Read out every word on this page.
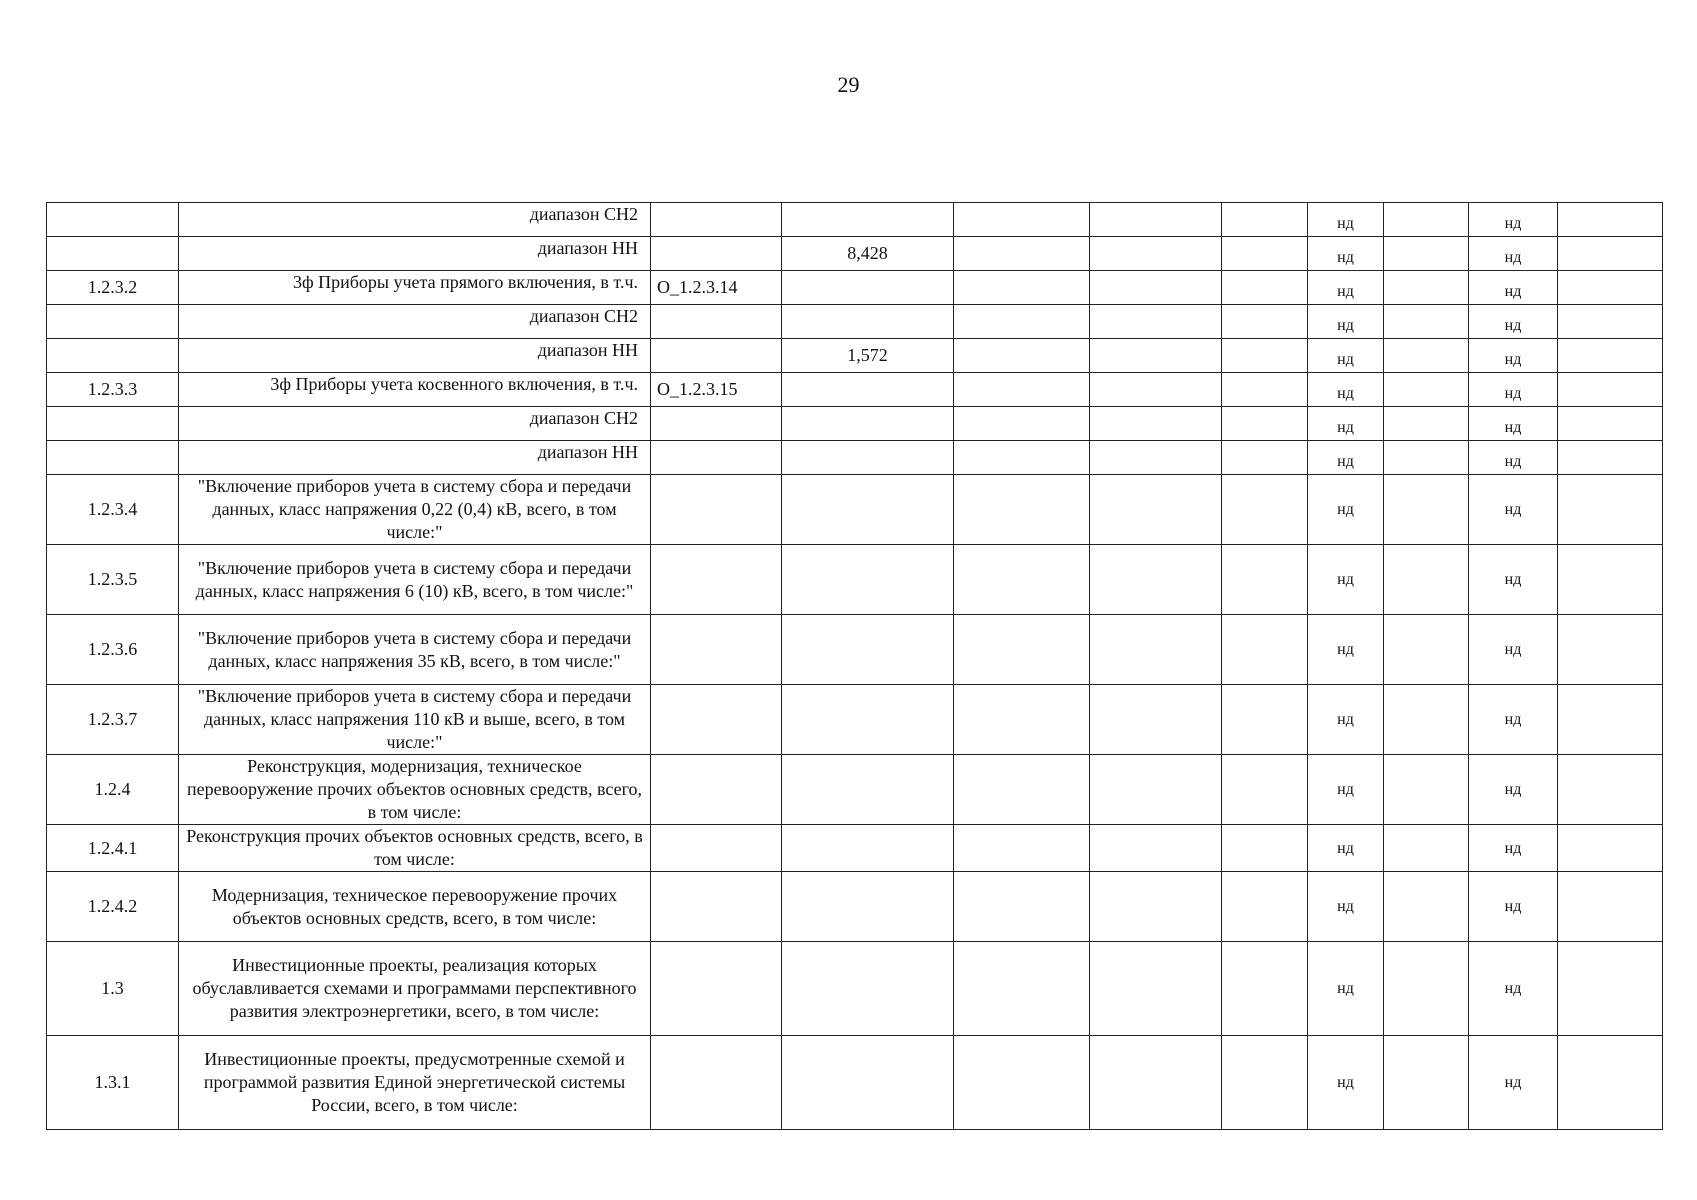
29
	диапазон СН2						нд		нд	
	диапазон НН		8,428				нд		нд	
1.2.3.2	3ф Приборы учета прямого включения, в т.ч.	O_1.2.3.14					нд		нд	
	диапазон СН2						нд		нд	
	диапазон НН		1,572				нд		нд	
1.2.3.3	3ф Приборы учета косвенного включения, в т.ч.	O_1.2.3.15					нд		нд	
	диапазон СН2						нд		нд	
	диапазон НН						нд		нд	
1.2.3.4	"Включение приборов учета в систему сбора и передачи данных, класс напряжения 0,22 (0,4) кВ, всего, в том числе:"						нд		нд	
1.2.3.5	"Включение приборов учета в систему сбора и передачи данных, класс напряжения 6 (10) кВ, всего, в том числе:"						нд		нд	
1.2.3.6	"Включение приборов учета в систему сбора и передачи данных, класс напряжения 35 кВ, всего, в том числе:"						нд		нд	
1.2.3.7	"Включение приборов учета в систему сбора и передачи данных, класс напряжения 110 кВ и выше, всего, в том числе:"						нд		нд	
1.2.4	Реконструкция, модернизация, техническое перевооружение прочих объектов основных средств, всего, в том числе:						нд		нд	
1.2.4.1	Реконструкция прочих объектов основных средств, всего, в том числе:						нд		нд	
1.2.4.2	Модернизация, техническое перевооружение прочих объектов основных средств, всего, в том числе:						нд		нд	
1.3	Инвестиционные проекты, реализация которых обуславливается схемами и программами перспективного развития электроэнергетики, всего, в том числе:						нд		нд	
1.3.1	Инвестиционные проекты, предусмотренные схемой и программой развития Единой энергетической системы России, всего, в том числе:						нд		нд	
